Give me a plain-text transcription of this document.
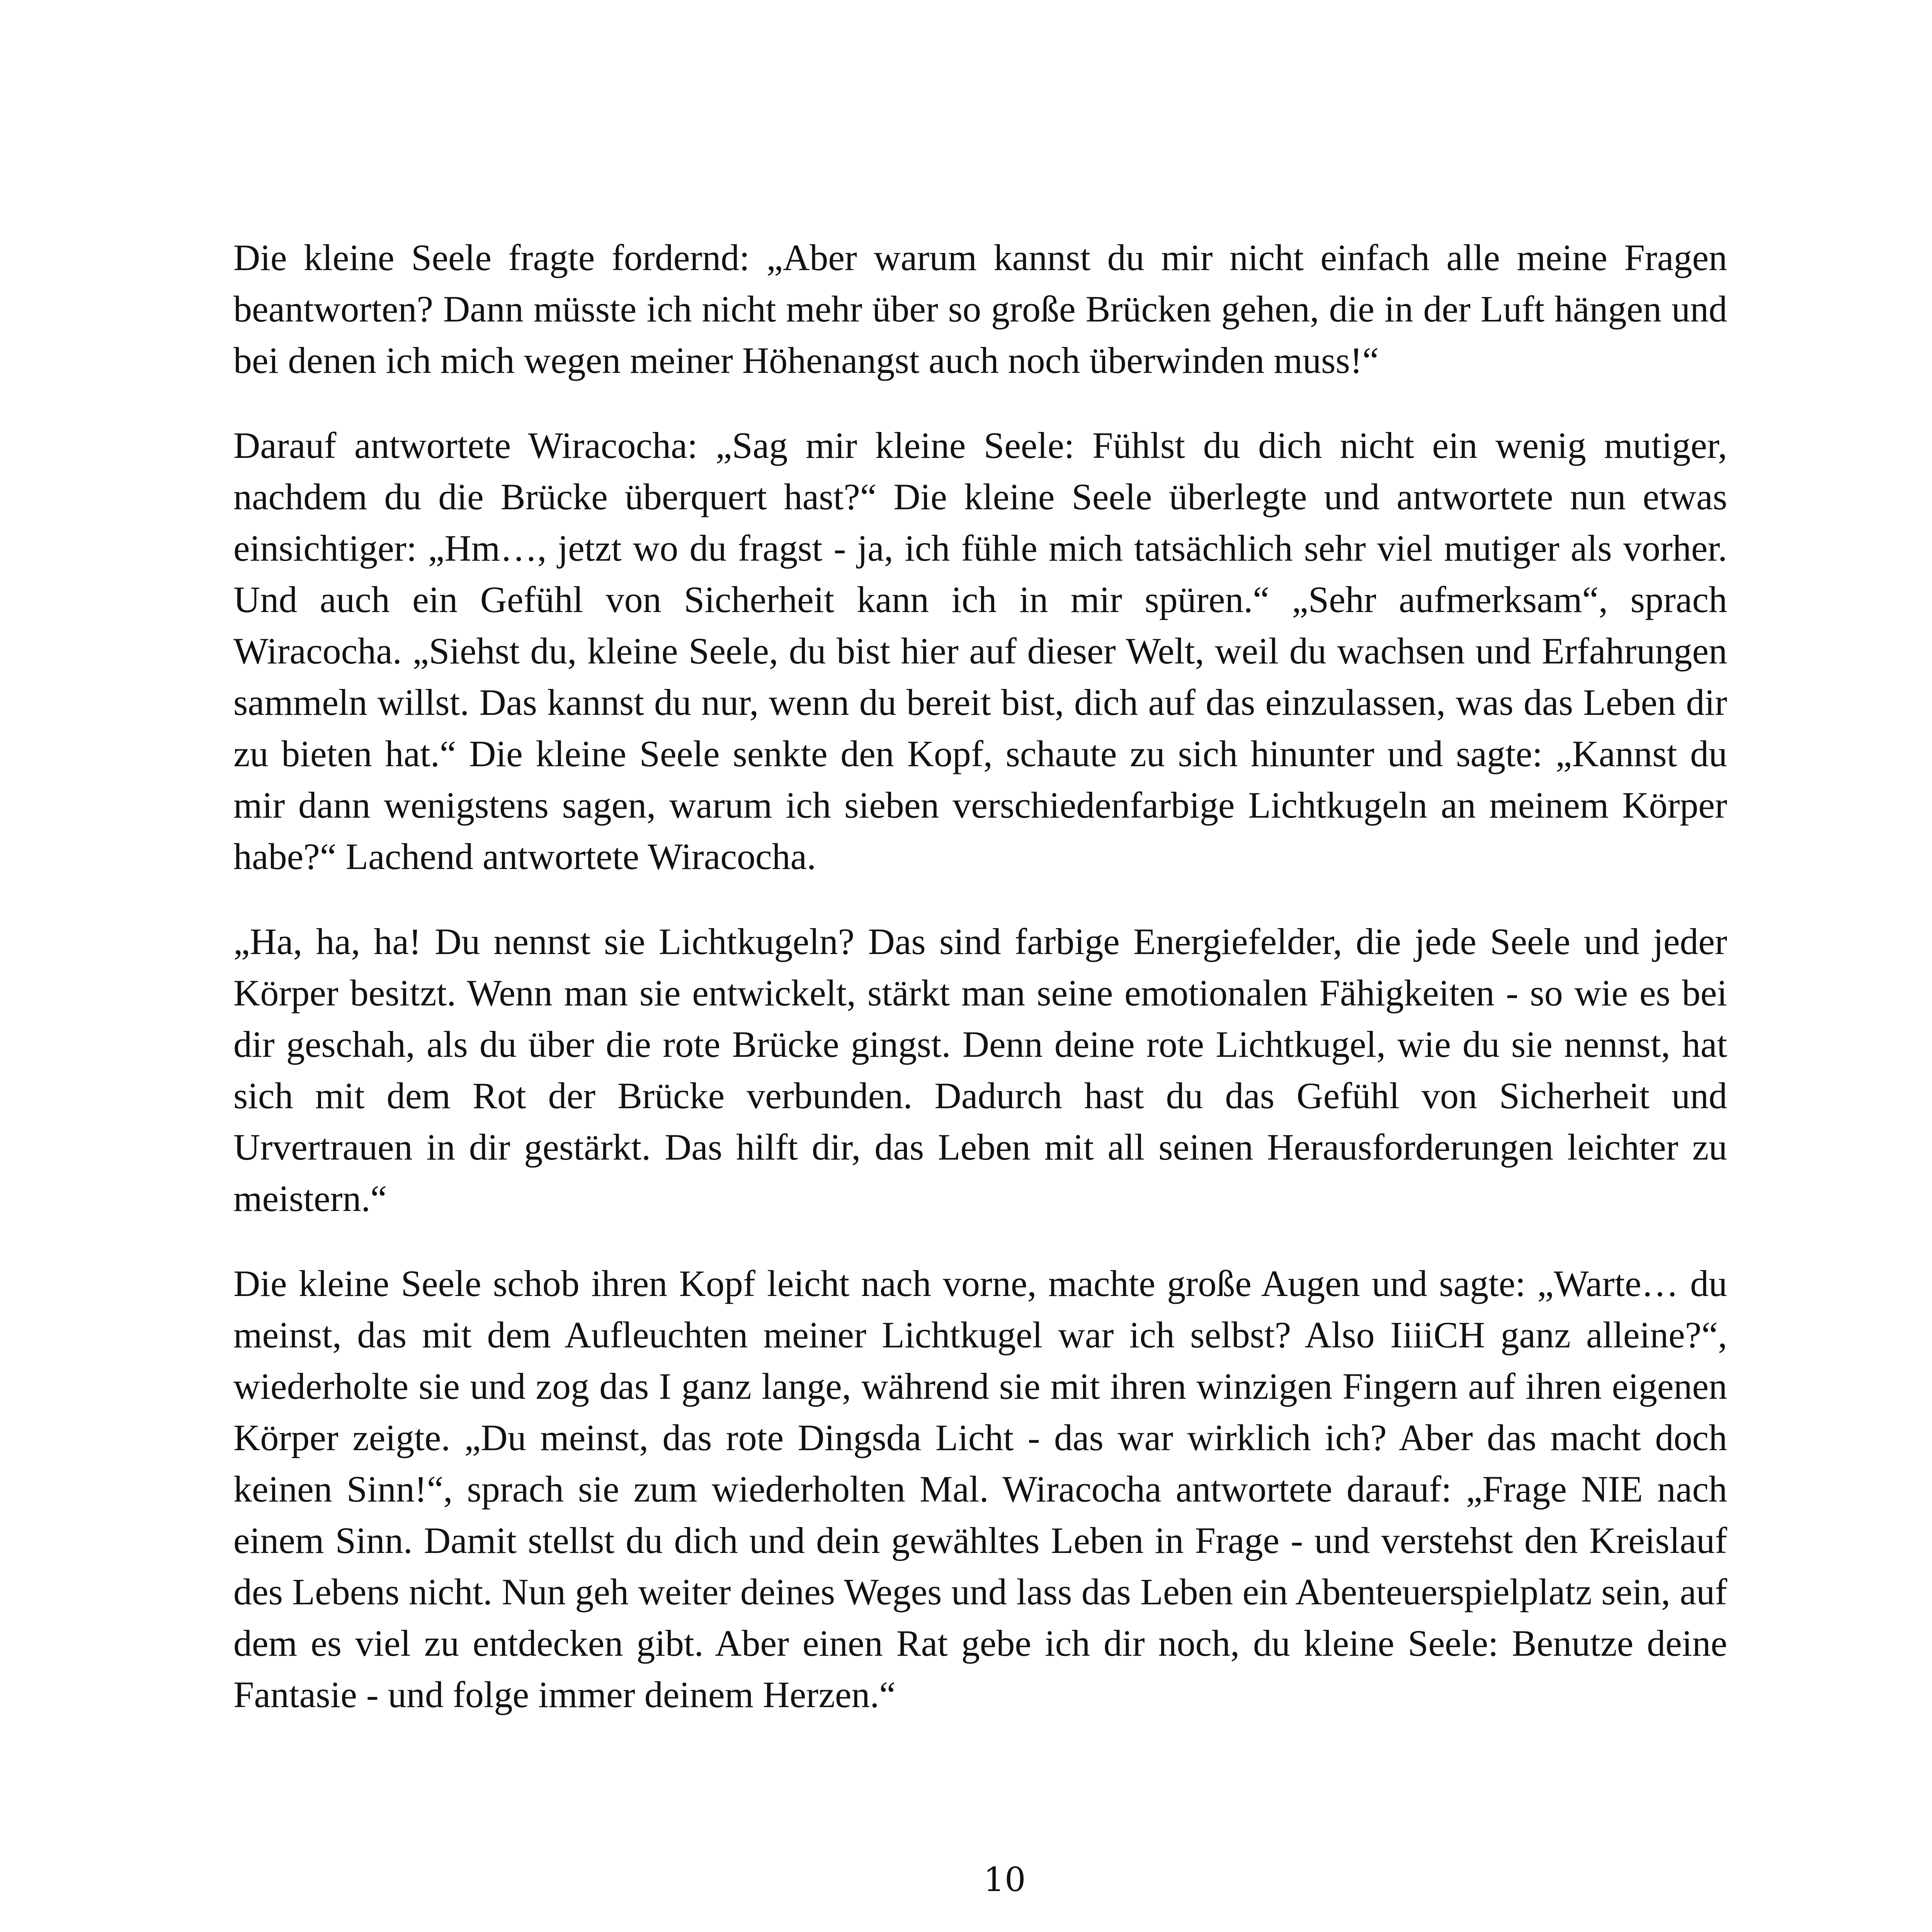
Die kleine Seele fragte fordernd: „Aber warum kannst du mir nicht einfach alle meine Fragen beantworten? Dann müsste ich nicht mehr über so große Brücken gehen, die in der Luft hängen und bei denen ich mich wegen meiner Höhenangst auch noch überwinden muss!“

Darauf antwortete Wiracocha: „Sag mir kleine Seele: Fühlst du dich nicht ein wenig mutiger, nachdem du die Brücke überquert hast?“ Die kleine Seele überlegte und antwortete nun etwas einsichtiger: „Hm…, jetzt wo du fragst - ja, ich fühle mich tatsächlich sehr viel mutiger als vorher. Und auch ein Gefühl von Sicherheit kann ich in mir spüren.“ „Sehr aufmerksam“, sprach Wiracocha. „Siehst du, kleine Seele, du bist hier auf dieser Welt, weil du wachsen und Erfahrungen sammeln willst. Das kannst du nur, wenn du bereit bist, dich auf das einzulassen, was das Leben dir zu bieten hat.“ Die kleine Seele senkte den Kopf, schaute zu sich hinunter und sagte: „Kannst du mir dann wenigstens sagen, warum ich sieben verschiedenfarbige Lichtkugeln an meinem Körper habe?“ Lachend antwortete Wiracocha.

„Ha, ha, ha! Du nennst sie Lichtkugeln? Das sind farbige Energiefelder, die jede Seele und jeder Körper besitzt. Wenn man sie entwickelt, stärkt man seine emotionalen Fähigkeiten - so wie es bei dir geschah, als du über die rote Brücke gingst. Denn deine rote Lichtkugel, wie du sie nennst, hat sich mit dem Rot der Brücke verbunden. Dadurch hast du das Gefühl von Sicherheit und Urvertrauen in dir gestärkt. Das hilft dir, das Leben mit all seinen Herausforderungen leichter zu meistern.“

Die kleine Seele schob ihren Kopf leicht nach vorne, machte große Augen und sagte: „Warte… du meinst, das mit dem Aufleuchten meiner Lichtkugel war ich selbst? Also IiiiCH ganz alleine?“, wiederholte sie und zog das I ganz lange, während sie mit ihren winzigen Fingern auf ihren eigenen Körper zeigte. „Du meinst, das rote Dingsda Licht - das war wirklich ich? Aber das macht doch keinen Sinn!“, sprach sie zum wiederholten Mal. Wiracocha antwortete darauf: „Frage NIE nach einem Sinn. Damit stellst du dich und dein gewähltes Leben in Frage - und verstehst den Kreislauf des Lebens nicht. Nun geh weiter deines Weges und lass das Leben ein Abenteuerspielplatz sein, auf dem es viel zu entdecken gibt. Aber einen Rat gebe ich dir noch, du kleine Seele: Benutze deine Fantasie - und folge immer deinem Herzen.“

10
